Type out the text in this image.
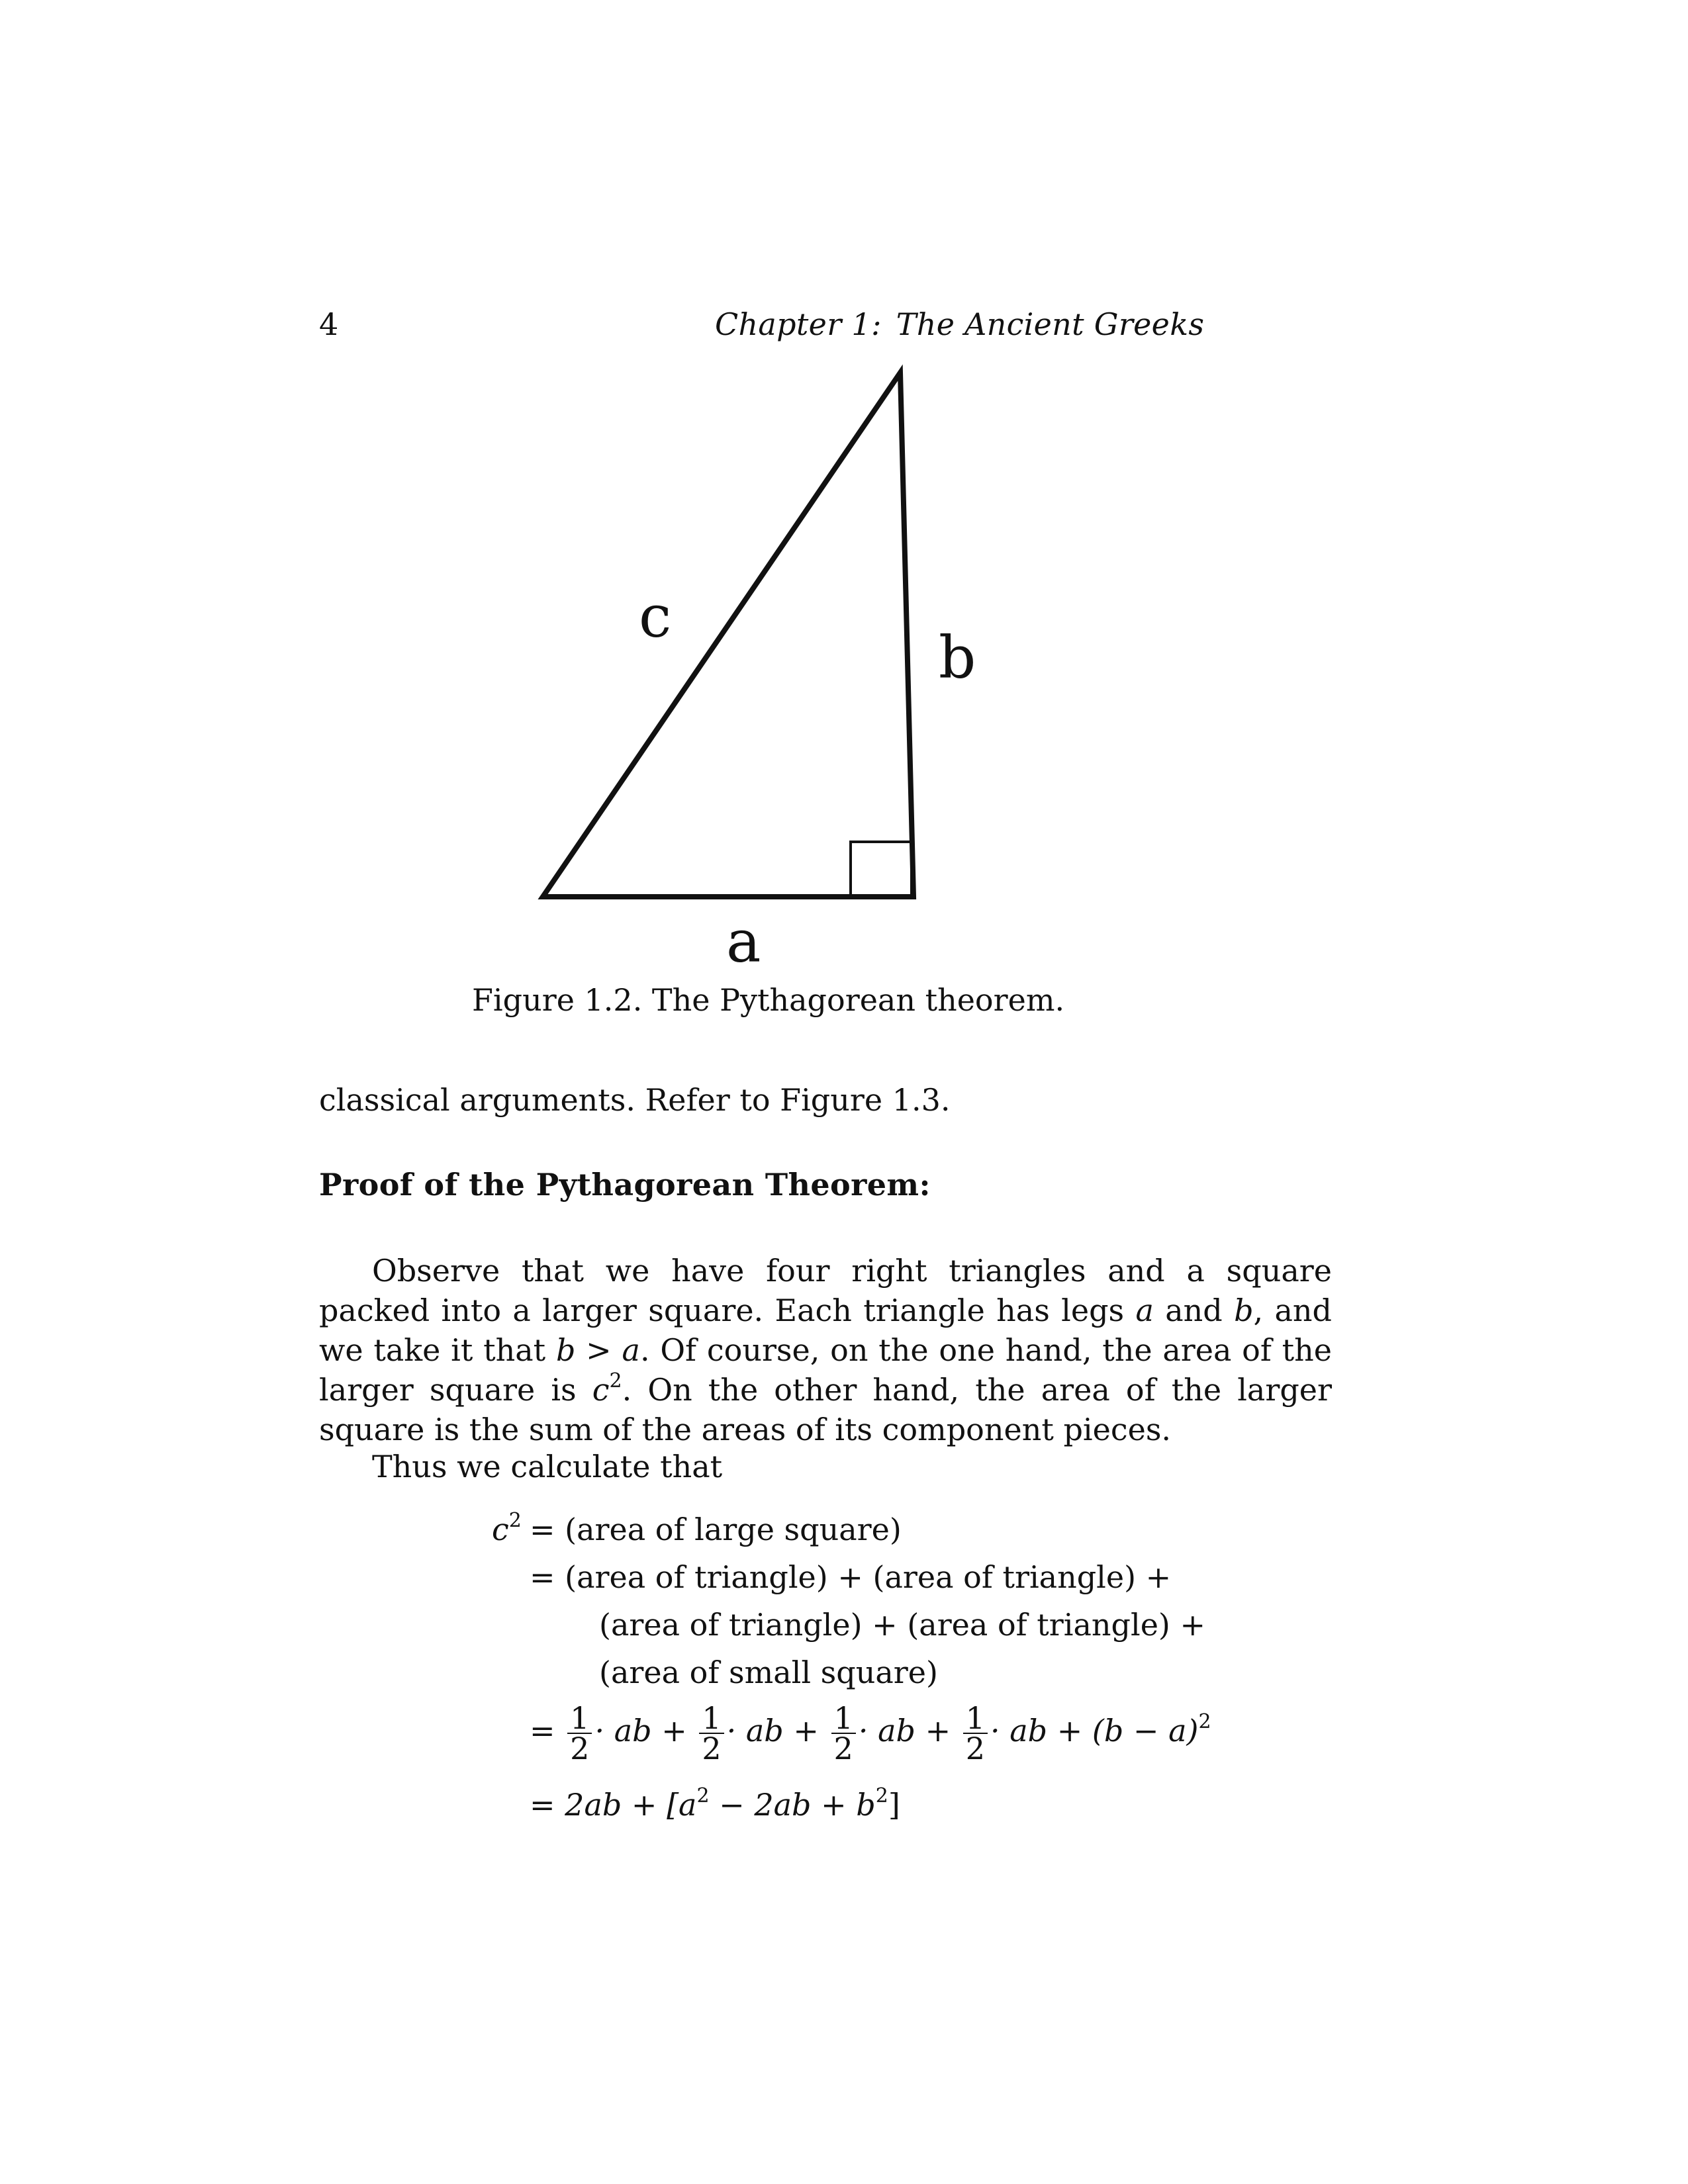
4	Chapter 1: The Ancient Greeks
c
b
a
Figure 1.2. The Pythagorean theorem.
classical arguments. Refer to Figure 1.3.
Proof of the Pythagorean Theorem:
Observe that we have four right triangles and a square packed into a larger square. Each triangle has legs a and b, and we take it that b > a. Of course, on the one hand, the area of the larger square is $c^2$. On the other hand, the area of the larger square is the sum of the areas of its component pieces.
Thus we calculate that
$c^2$ = (area of large square)
= (area of triangle) + (area of triangle) +
(area of triangle) + (area of triangle) +
(area of small square)
= $\frac{1}{2}$ · ab + $\frac{1}{2}$ · ab + $\frac{1}{2}$ · ab + $\frac{1}{2}$ · ab + $(b - a)^2$
= $2ab + [a^2 - 2ab + b^2]$
